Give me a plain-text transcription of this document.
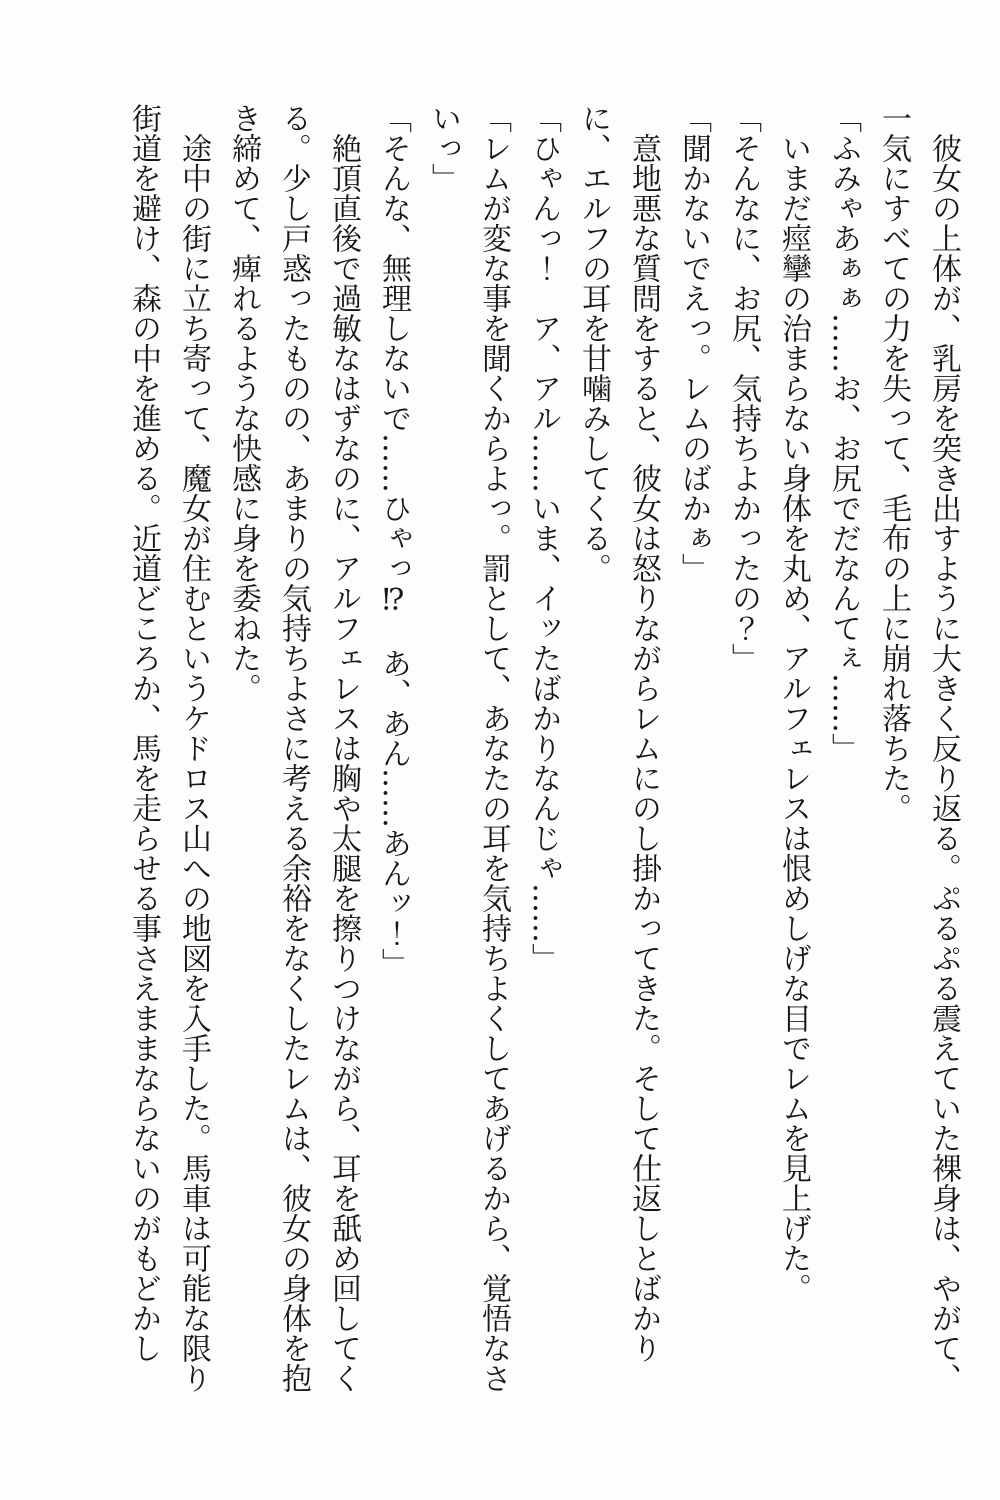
彼女の上体が、乳房を突き出すように大きく反り返る。ぷるぷる震えていた裸身は、やがて、一気にすべての力を失って、毛布の上に崩れ落ちた。

「ふみゃあぁぁ……お、お尻でだなんてぇ……」

いまだ痙攣の治まらない身体を丸め、アルフェレスは恨めしげな目でレムを見上げた。

「そんなに、お尻、気持ちよかったの？」

「聞かないでえっ。レムのばかぁ」

意地悪な質問をすると、彼女は怒りながらレムにのし掛かってきた。そして仕返しとばかりに、エルフの耳を甘噛みしてくる。

「ひゃんっ！　ア、アル……いま、イッたばかりなんじゃ……」

「レムが変な事を聞くからよっ。罰として、あなたの耳を気持ちよくしてあげるから、覚悟なさいっ」

「そんな、無理しないで……ひゃっ⁉　あ、あん……あんッ！」

絶頂直後で過敏なはずなのに、アルフェレスは胸や太腿を擦りつけながら、耳を舐め回してくる。少し戸惑ったものの、あまりの気持ちよさに考える余裕をなくしたレムは、彼女の身体を抱き締めて、痺れるような快感に身を委ねた。

途中の街に立ち寄って、魔女が住むというケドロス山への地図を入手した。馬車は可能な限り街道を避け、森の中を進める。近道どころか、馬を走らせる事さえままならないのがもどかし
